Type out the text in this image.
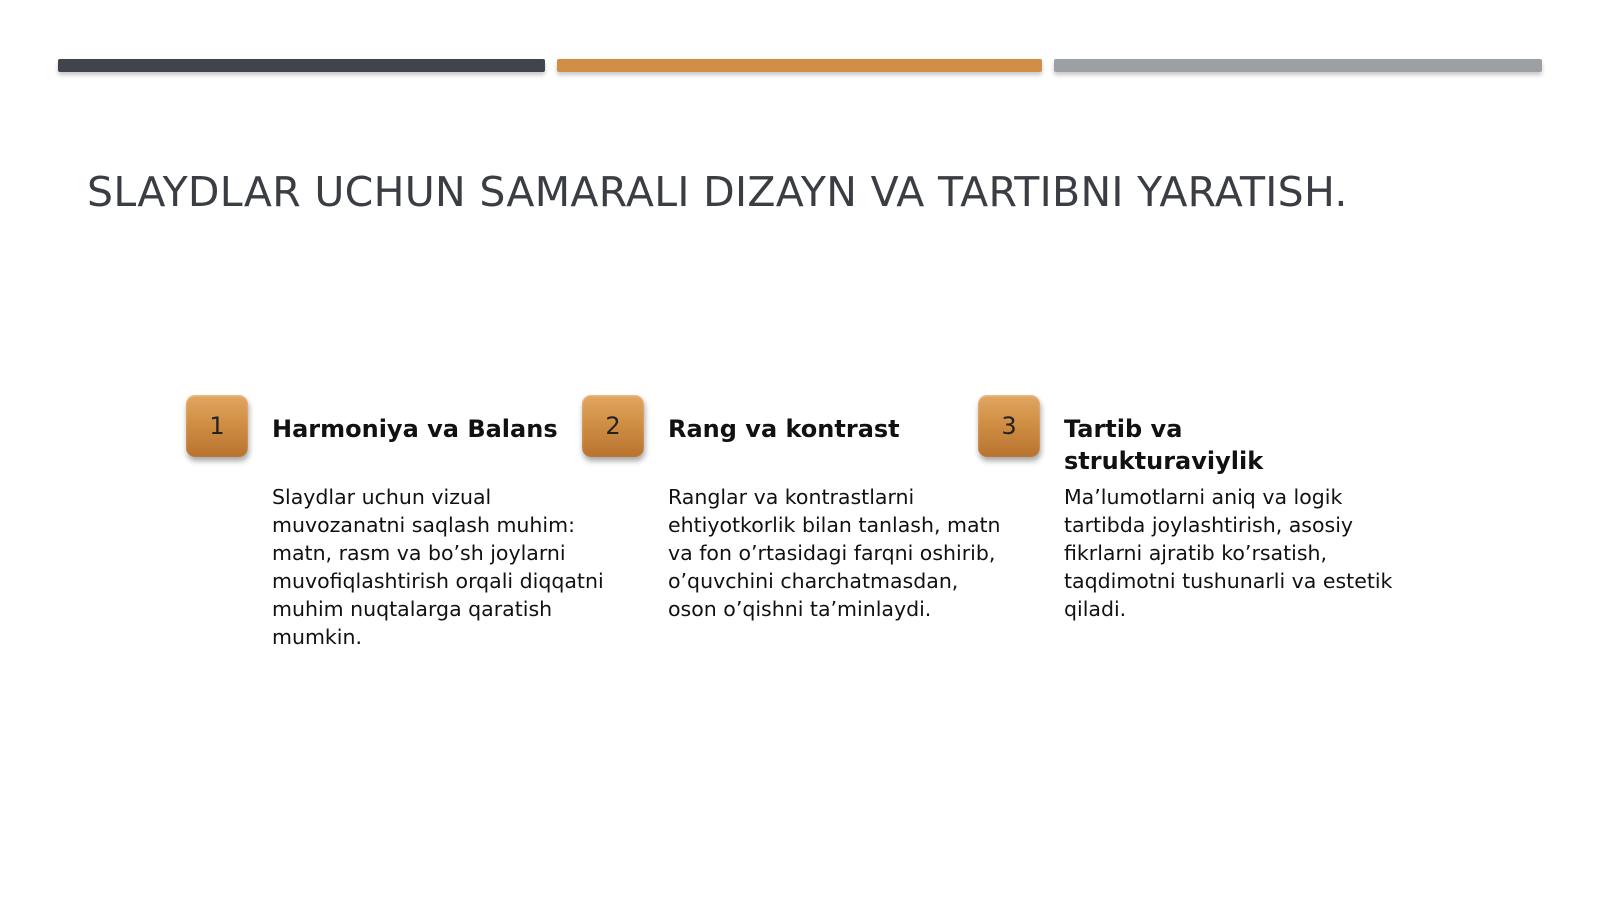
SLAYDLAR UCHUN SAMARALI DIZAYN VA TARTIBNI YARATISH.
1	Harmoniya va Balans
Slaydlar uchun vizual muvozanatni saqlash muhim: matn, rasm va bo’sh joylarni muvofiqlashtirish orqali diqqatni muhim nuqtalarga qaratish mumkin.
2	Rang va kontrast
Ranglar va kontrastlarni ehtiyotkorlik bilan tanlash, matn va fon o’rtasidagi farqni oshirib, o’quvchini charchatmasdan, oson o’qishni ta’minlaydi.
3	Tartib va strukturaviylik
Ma’lumotlarni aniq va logik tartibda joylashtirish, asosiy fikrlarni ajratib ko’rsatish, taqdimotni tushunarli va estetik qiladi.
